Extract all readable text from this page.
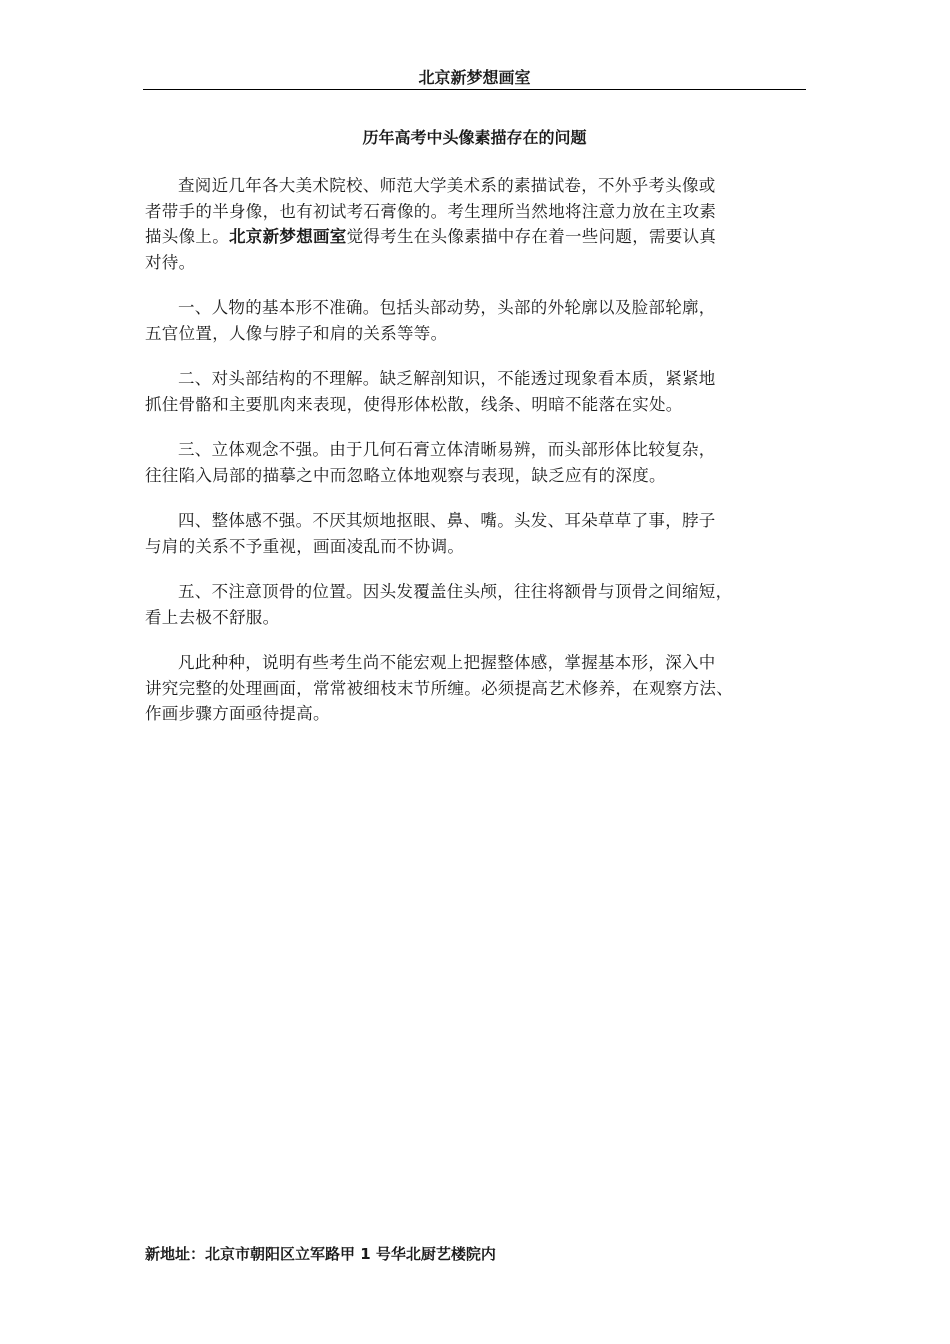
北京新梦想画室
历年高考中头像素描存在的问题

查阅近几年各大美术院校、师范大学美术系的素描试卷，不外乎考头像或
者带手的半身像，也有初试考石膏像的。考生理所当然地将注意力放在主攻素
描头像上。北京新梦想画室觉得考生在头像素描中存在着一些问题，需要认真
对待。

一、人物的基本形不准确。包括头部动势，头部的外轮廓以及脸部轮廓，
五官位置，人像与脖子和肩的关系等等。

二、对头部结构的不理解。缺乏解剖知识，不能透过现象看本质，紧紧地
抓住骨骼和主要肌肉来表现，使得形体松散，线条、明暗不能落在实处。

三、立体观念不强。由于几何石膏立体清晰易辨，而头部形体比较复杂，
往往陷入局部的描摹之中而忽略立体地观察与表现，缺乏应有的深度。

四、整体感不强。不厌其烦地抠眼、鼻、嘴。头发、耳朵草草了事，脖子
与肩的关系不予重视，画面凌乱而不协调。

五、不注意顶骨的位置。因头发覆盖住头颅，往往将额骨与顶骨之间缩短，
看上去极不舒服。

凡此种种，说明有些考生尚不能宏观上把握整体感，掌握基本形，深入中
讲究完整的处理画面，常常被细枝末节所缠。必须提高艺术修养，在观察方法、
作画步骤方面亟待提高。

新地址：北京市朝阳区立军路甲 1 号华北厨艺楼院内
